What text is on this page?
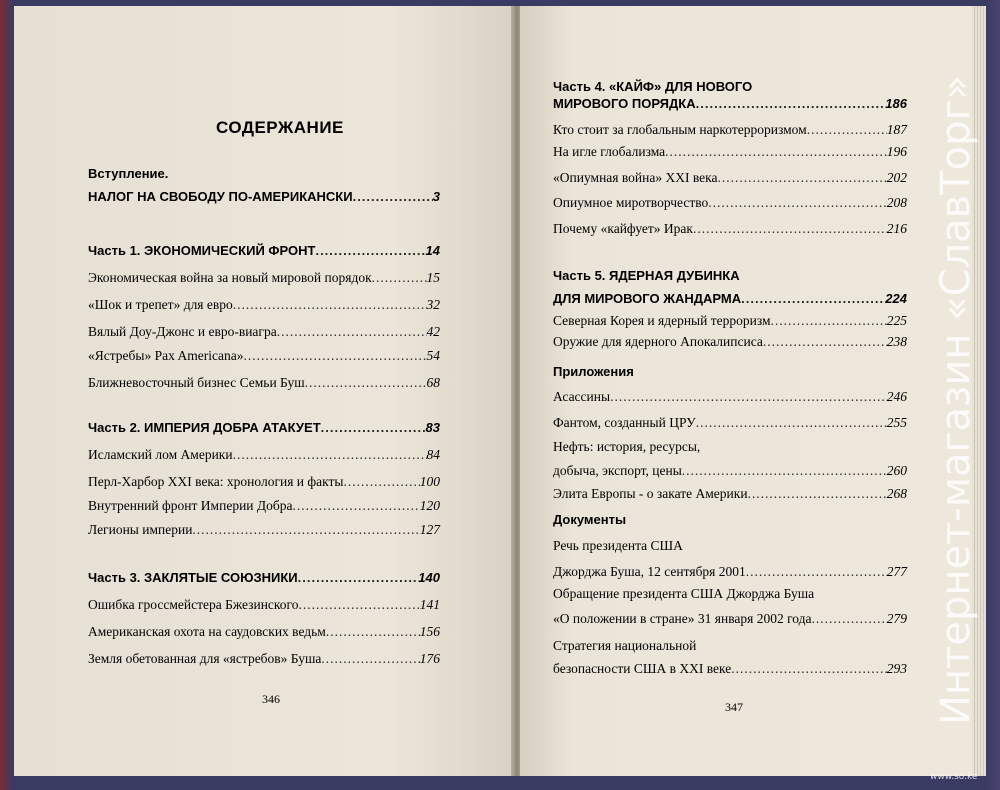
СОДЕРЖАНИЕ
Вступление.
НАЛОГ НА СВОБОДУ ПО-АМЕРИКАНСКИ .....	3
Часть 1. ЭКОНОМИЧЕСКИЙ ФРОНТ .....	14
Экономическая война за новый мировой порядок .....	15
«Шок и трепет» для евро .....	32
Вялый Доу-Джонс и евро-виагра .....	42
«Ястребы» Pax Americana» .....	54
Ближневосточный бизнес Семьи Буш .....	68
Часть 2. ИМПЕРИЯ ДОБРА АТАКУЕТ .....	83
Исламский лом Америки .....	84
Перл-Харбор XXI века: хронология и факты .....	100
Внутренний фронт Империи Добра .....	120
Легионы империи .....	127
Часть 3. ЗАКЛЯТЫЕ СОЮЗНИКИ .....	140
Ошибка гроссмейстера Бжезинского .....	141
Американская охота на саудовских ведьм .....	156
Земля обетованная для «ястребов» Буша .....	176
346
Часть 4. «КАЙФ» ДЛЯ НОВОГО
МИРОВОГО ПОРЯДКА .....	186
Кто стоит за глобальным наркотерроризмом .....	187
На игле глобализма .....	196
«Опиумная война» XXI века .....	202
Опиумное миротворчество .....	208
Почему «кайфует» Ирак .....	216
Часть 5. ЯДЕРНАЯ ДУБИНКА
ДЛЯ МИРОВОГО ЖАНДАРМА .....	224
Северная Корея и ядерный терроризм .....	225
Оружие для ядерного Апокалипсиса .....	238
Приложения
Асассины .....	246
Фантом, созданный ЦРУ .....	255
Нефть: история, ресурсы,
добыча, экспорт, цены .....	260
Элита Европы - о закате Америки .....	268
Документы
Речь президента США
Джорджа Буша, 12 сентября 2001 .....	277
Обращение президента США Джорджа Буша
«О положении в стране» 31 января 2002 года .....	279
Стратегия национальной
безопасности США в XXI веке .....	293
347	Интернет-магазин «СлавТорг»
www.so.ke
